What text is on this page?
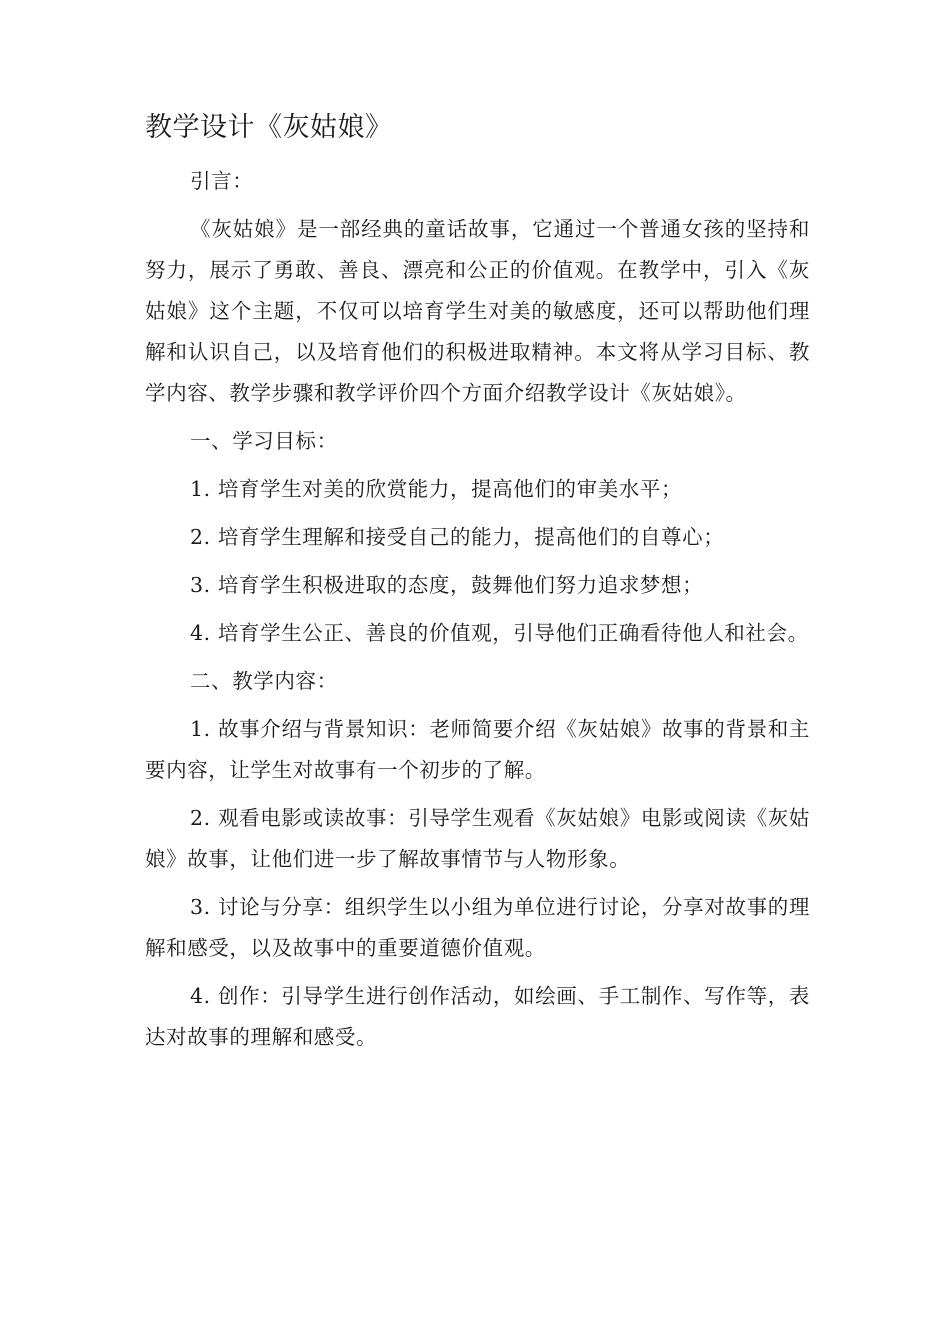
教学设计《灰姑娘》

引言：

《灰姑娘》是一部经典的童话故事，它通过一个普通女孩的坚持和努力，展示了勇敢、善良、漂亮和公正的价值观。在教学中，引入《灰姑娘》这个主题，不仅可以培育学生对美的敏感度，还可以帮助他们理解和认识自己，以及培育他们的积极进取精神。本文将从学习目标、教学内容、教学步骤和教学评价四个方面介绍教学设计《灰姑娘》。

一、学习目标：

1. 培育学生对美的欣赏能力，提高他们的审美水平；

2. 培育学生理解和接受自己的能力，提高他们的自尊心；

3. 培育学生积极进取的态度，鼓舞他们努力追求梦想；

4. 培育学生公正、善良的价值观，引导他们正确看待他人和社会。

二、教学内容：

1. 故事介绍与背景知识：老师简要介绍《灰姑娘》故事的背景和主要内容，让学生对故事有一个初步的了解。

2. 观看电影或读故事：引导学生观看《灰姑娘》电影或阅读《灰姑娘》故事，让他们进一步了解故事情节与人物形象。

3. 讨论与分享：组织学生以小组为单位进行讨论，分享对故事的理解和感受，以及故事中的重要道德价值观。

4. 创作：引导学生进行创作活动，如绘画、手工制作、写作等，表达对故事的理解和感受。
